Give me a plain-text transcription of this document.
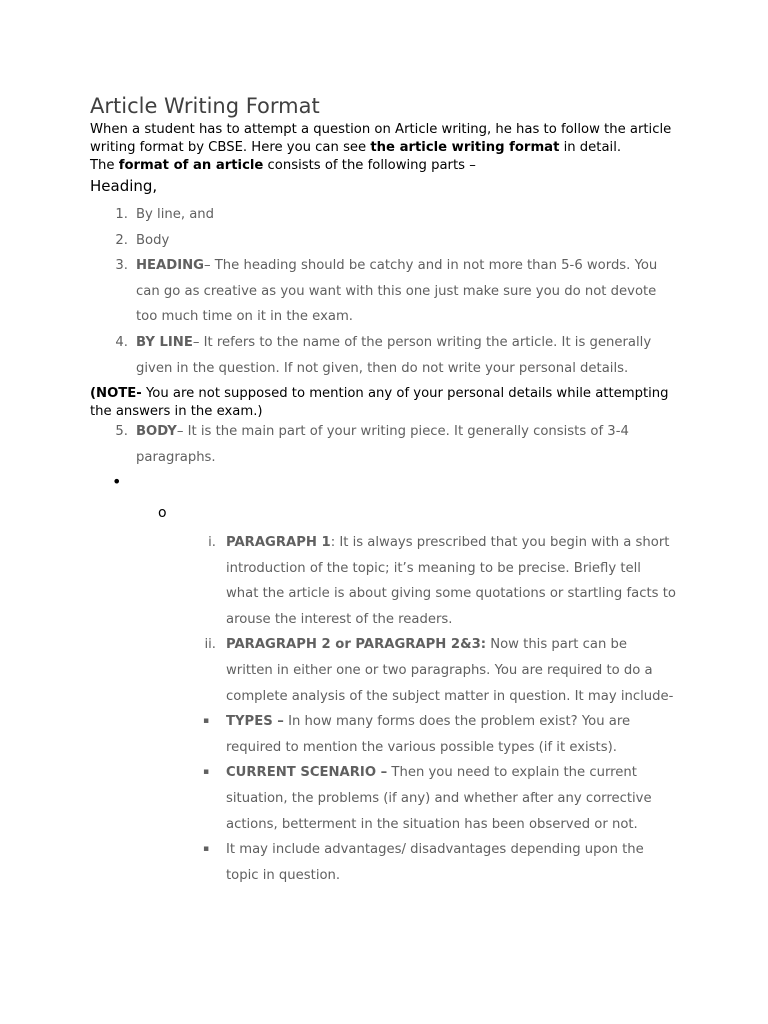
Article Writing Format

When a student has to attempt a question on Article writing, he has to follow the article writing format by CBSE. Here you can see the article writing format in detail.

The format of an article consists of the following parts –

Heading,
1. By line, and
2. Body
3. HEADING– The heading should be catchy and in not more than 5-6 words. You can go as creative as you want with this one just make sure you do not devote too much time on it in the exam.
4. BY LINE– It refers to the name of the person writing the article. It is generally given in the question. If not given, then do not write your personal details.
(NOTE- You are not supposed to mention any of your personal details while attempting the answers in the exam.)
5. BODY– It is the main part of your writing piece. It generally consists of 3-4 paragraphs.
•
o
i. PARAGRAPH 1: It is always prescribed that you begin with a short introduction of the topic; it’s meaning to be precise. Briefly tell what the article is about giving some quotations or startling facts to arouse the interest of the readers.
ii. PARAGRAPH 2 or PARAGRAPH 2&3: Now this part can be written in either one or two paragraphs. You are required to do a complete analysis of the subject matter in question. It may include-
▪ TYPES – In how many forms does the problem exist? You are required to mention the various possible types (if it exists).
▪ CURRENT SCENARIO – Then you need to explain the current situation, the problems (if any) and whether after any corrective actions, betterment in the situation has been observed or not.
▪ It may include advantages/ disadvantages depending upon the topic in question.
